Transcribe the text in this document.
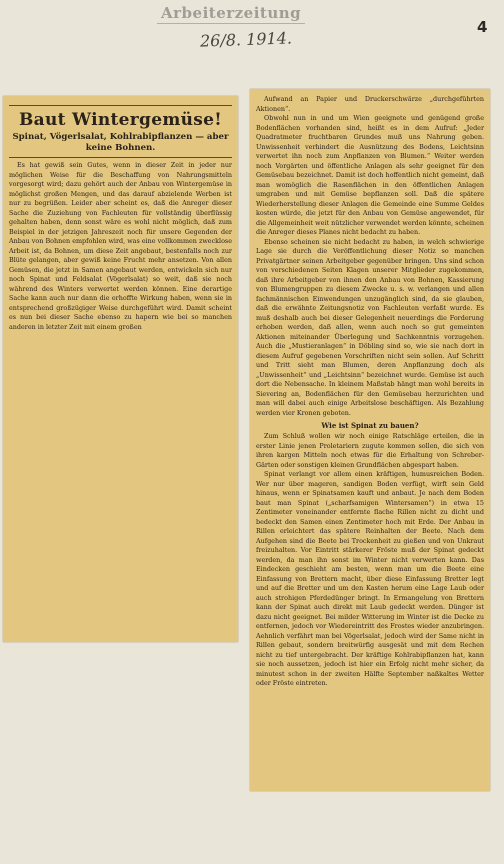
Arbeiterzeitung
26/8. 1914.
4
Baut Wintergemüse!
Spinat, Vögerlsalat, Kohlrabipflanzen — aber keine Bohnen.

Es hat gewiß sein Gutes, wenn in dieser Zeit in jeder nur möglichen Weise für die Beschaffung von Nahrungsmitteln vorgesorgt wird; dazu gehört auch der Anbau von Wintergemüse in möglichst großen Mengen, und das darauf abzielende Werben ist nur zu begrüßen. Leider aber scheint es, daß die Anreger dieser Sache die Zuziehung von Fachleuten für vollständig überflüssig gehalten haben, denn sonst wäre es wohl nicht möglich, daß zum Beispiel in der jetzigen Jahreszeit noch für unsere Gegenden der Anbau von Bohnen empfohlen wird, was eine vollkommen zwecklose Arbeit ist, da Bohnen, um diese Zeit angebaut, bestenfalls noch zur Blüte gelangen, aber gewiß keine Frucht mehr ansetzen. Von allen Gemüsen, die jetzt in Samen angebaut werden, entwickeln sich nur noch Spinat und Feldsalat (Vögerlsalat) so weit, daß sie noch während des Winters verwertet werden können. Eine derartige Sache kann auch nur dann die erhoffte Wirkung haben, wenn sie in entsprechend großzügiger Weise durchgeführt wird. Damit scheint es nun bei dieser Sache ebenso zu hapern wie bei so manchen anderen in letzter Zeit mit einem großen

Aufwand an Papier und Druckerschwärze „durchgeführten Aktionen“.

Obwohl nun in und um Wien geeignete und genügend große Bodenflächen vorhanden sind, heißt es in dem Aufruf: „Jeder Quadratmeter fruchtbaren Grundes muß uns Nahrung geben. Unwissenheit verhindert die Ausnützung des Bodens, Leichtsinn verwertet ihn noch zum Anpflanzen von Blumen.“ Weiter werden noch Vorgärten und öffentliche Anlagen als sehr geeignet für den Gemüsebau bezeichnet. Damit ist doch hoffentlich nicht gemeint, daß man womöglich die Rasenflächen in den öffentlichen Anlagen umgraben und mit Gemüse bepflanzen soll. Daß die spätere Wiederherstellung dieser Anlagen die Gemeinde eine Summe Geldes kosten würde, die jetzt für den Anbau von Gemüse angewendet, für die Allgemeinheit weit nützlicher verwendet werden könnte, scheinen die Anreger dieses Planes nicht bedacht zu haben.

Ebenso scheinen sie nicht bedacht zu haben, in welch schwierige Lage sie durch die Veröffentlichung dieser Notiz so manchen Privatgärtner seinen Arbeitgeber gegenüber bringen. Uns sind schon von verschiedenen Seiten Klagen unserer Mitglieder zugekommen, daß ihre Arbeitgeber von ihnen den Anbau von Bohnen, Kassierung von Blumengruppen zu diesem Zwecke u. s. w. verlangen und allen fachmännischen Einwendungen unzugänglich sind, da sie glauben, daß die erwähnte Zeitungsnotiz von Fachleuten verfaßt wurde. Es muß deshalb auch bei dieser Gelegenheit neuerdings die Forderung erhoben werden, daß allen, wenn auch noch so gut gemeinten Aktionen miteinander Überlegung und Sachkenntnis vorzugehen. Auch die „Mustieranlagen“ in Döbling sind so, wie sie nach dort in diesem Aufruf gegebenen Vorschriften nicht sein sollen. Auf Schritt und Tritt sieht man Blumen, deren Anpflanzung doch als „Unwissenheit“ und „Leichtsinn“ bezeichnet wurde. Gemüse ist auch dort die Nebensache. In kleinem Maßstab hängt man wohl bereits in Sievering an, Bodenflächen für den Gemüsebau herzurichten und man will dabei auch einige Arbeitslose beschäftigen. Als Bezahlung werden vier Kronen geboten.

Wie ist Spinat zu bauen?

Zum Schluß wollen wir noch einige Ratschläge erteilen, die in erster Linie jenen Proletariern zugute kommen sollen, die sich von ihren kargen Mitteln noch etwas für die Erhaltung von Schreber-Gärten oder sonstigen kleinen Grundflächen abgespart haben.

Spinat verlangt vor allem einen kräftigen, humusreichen Boden. Wer nur über mageren, sandigen Boden verfügt, wirft sein Geld hinaus, wenn er Spinatsamen kauft und anbaut. Je nach dem Boden baut man Spinat („scharfsamigen Wintersamen“) in etwa 15 Zentimeter voneinander entfernte flache Rillen nicht zu dicht und bedeckt den Samen einen Zentimeter hoch mit Erde. Der Anbau in Rillen erleichtert das spätere Reinhalten der Beete. Nach dem Aufgehen sind die Beete bei Trockenheit zu gießen und von Unkraut freizuhalten. Vor Eintritt stärkerer Fröste muß der Spinat gedeckt werden, da man ihn sonst im Winter nicht verwerten kann. Das Eindecken geschieht am besten, wenn man um die Beete eine Einfassung von Brettern macht, über diese Einfassung Bretter legt und auf die Bretter und um den Kasten herum eine Lage Laub oder auch strohigen Pferdedünger bringt. In Ermangelung von Brettern kann der Spinat auch direkt mit Laub gedeckt werden. Dünger ist dazu nicht geeignet. Bei milder Witterung im Winter ist die Decke zu entfernen, jedoch vor Wiedereintritt des Frostes wieder anzubringen. Aehnlich verfährt man bei Vögerlsalat, jedoch wird der Same nicht in Rillen gebaut, sondern breitwürfig ausgesät und mit dem Rechen nicht zu tief untergebracht. Der kräftige Kohlrabipflanzen hat, kann sie noch aussetzen, jedoch ist hier ein Erfolg nicht mehr sicher, da minutest schon in der zweiten Hälfte September naßkaltes Wetter oder Fröste eintreten.
